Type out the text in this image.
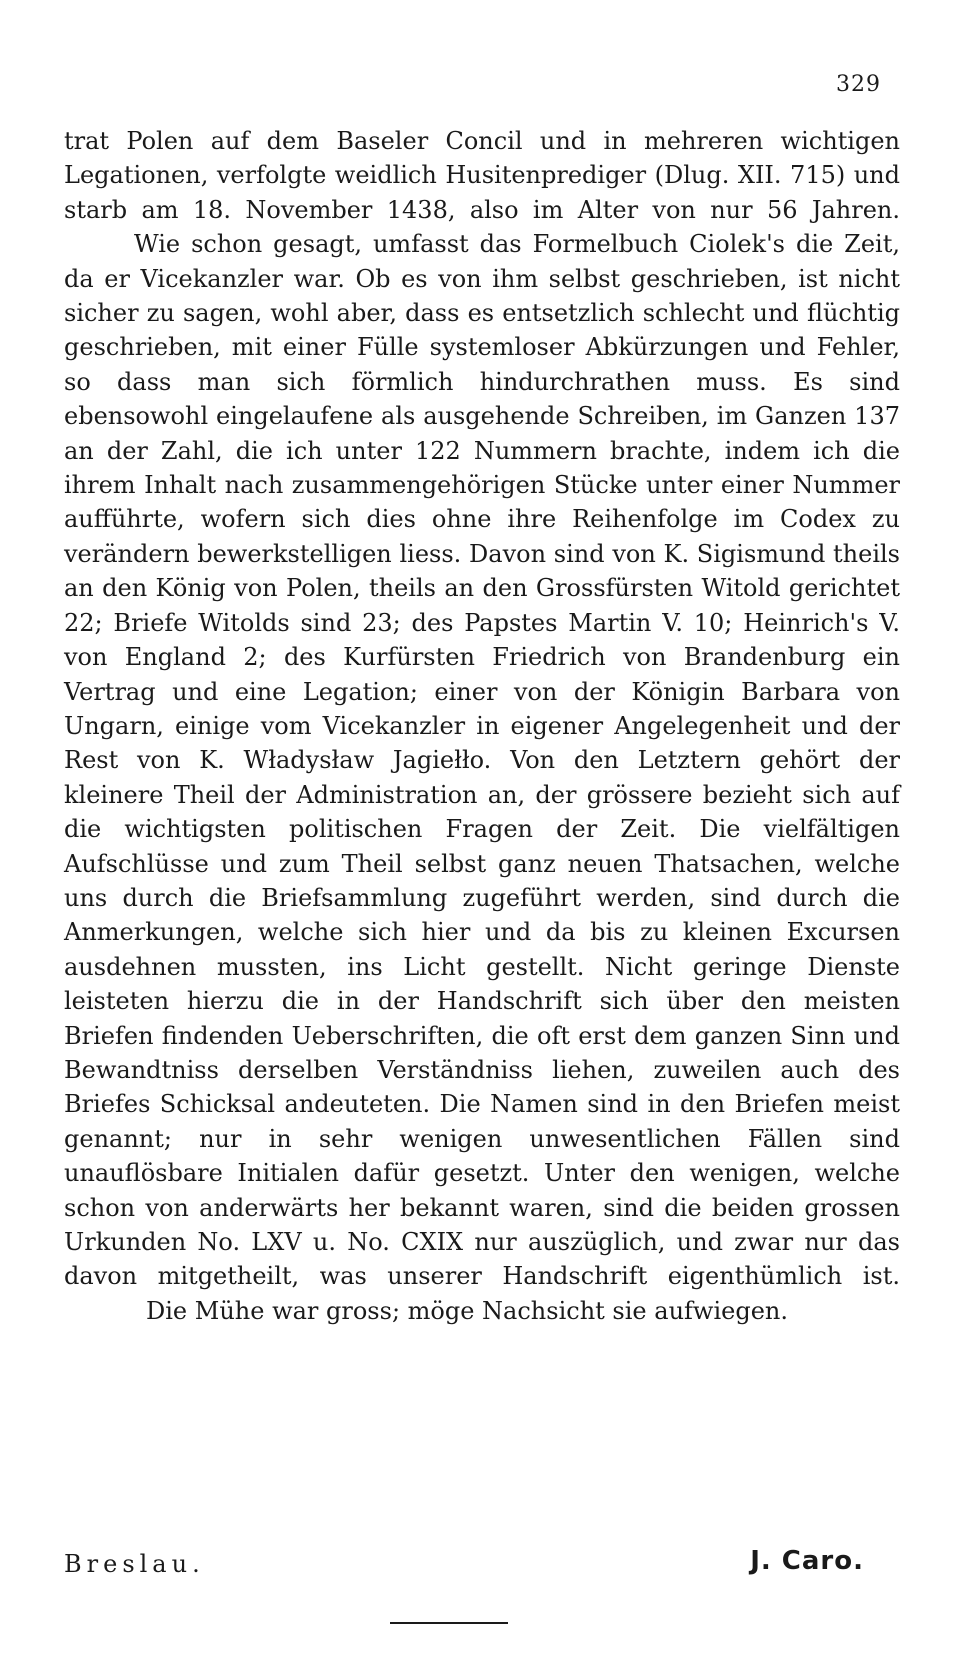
329

trat Polen auf dem Baseler Concil und in mehreren wichtigen Legationen, verfolgte weidlich Husitenprediger (Dlug. XII. 715) und starb am 18. November 1438, also im Alter von nur 56 Jahren.

Wie schon gesagt, umfasst das Formelbuch Ciolek's die Zeit, da er Vicekanzler war. Ob es von ihm selbst geschrieben, ist nicht sicher zu sagen, wohl aber, dass es entsetzlich schlecht und flüchtig geschrieben, mit einer Fülle systemloser Abkürzungen und Fehler, so dass man sich förmlich hindurchrathen muss. Es sind ebensowohl eingelaufene als ausgehende Schreiben, im Ganzen 137 an der Zahl, die ich unter 122 Nummern brachte, indem ich die ihrem Inhalt nach zusammengehörigen Stücke unter einer Nummer aufführte, wofern sich dies ohne ihre Reihenfolge im Codex zu verändern bewerkstelligen liess. Davon sind von K. Sigismund theils an den König von Polen, theils an den Grossfürsten Witold gerichtet 22; Briefe Witolds sind 23; des Papstes Martin V. 10; Heinrich's V. von England 2; des Kurfürsten Friedrich von Brandenburg ein Vertrag und eine Legation; einer von der Königin Barbara von Ungarn, einige vom Vicekanzler in eigener Angelegenheit und der Rest von K. Władysław Jagiełło. Von den Letztern gehört der kleinere Theil der Administration an, der grössere bezieht sich auf die wichtigsten politischen Fragen der Zeit. Die vielfältigen Aufschlüsse und zum Theil selbst ganz neuen Thatsachen, welche uns durch die Briefsammlung zugeführt werden, sind durch die Anmerkungen, welche sich hier und da bis zu kleinen Excursen ausdehnen mussten, ins Licht gestellt. Nicht geringe Dienste leisteten hierzu die in der Handschrift sich über den meisten Briefen findenden Ueberschriften, die oft erst dem ganzen Sinn und Bewandtniss derselben Verständniss liehen, zuweilen auch des Briefes Schicksal andeuteten. Die Namen sind in den Briefen meist genannt; nur in sehr wenigen unwesentlichen Fällen sind unauflösbare Initialen dafür gesetzt. Unter den wenigen, welche schon von anderwärts her bekannt waren, sind die beiden grossen Urkunden No. LXV u. No. CXIX nur auszüglich, und zwar nur das davon mitgetheilt, was unserer Handschrift eigenthümlich ist.

Die Mühe war gross; möge Nachsicht sie aufwiegen.

Breslau.	J. Caro.
